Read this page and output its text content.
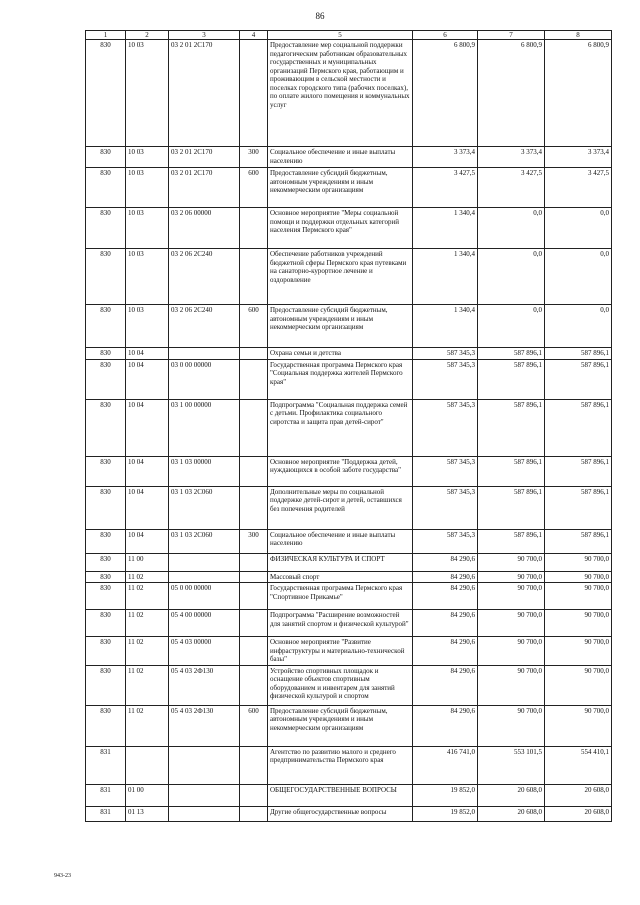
86
1	2	3	4	5	6	7	8
830	10 03	03 2 01 2С170		Предоставление мер социальной поддержки педагогическим работникам образовательных государственных и муниципальных организаций Пермского края, работающим и проживающим в сельской местности и поселках городского типа (рабочих поселках), по оплате жилого помещения и коммунальных услуг	6 800,9	6 800,9	6 800,9
830	10 03	03 2 01 2С170	300	Социальное обеспечение и иные выплаты населению	3 373,4	3 373,4	3 373,4
830	10 03	03 2 01 2С170	600	Предоставление субсидий бюджетным, автономным учреждениям и иным некоммерческим организациям	3 427,5	3 427,5	3 427,5
830	10 03	03 2 06 00000		Основное мероприятие "Меры социальной помощи и поддержки отдельных категорий населения Пермского края"	1 340,4	0,0	0,0
830	10 03	03 2 06 2С240		Обеспечение работников учреждений бюджетной сферы Пермского края путевками на санаторно-курортное лечение и оздоровление	1 340,4	0,0	0,0
830	10 03	03 2 06 2С240	600	Предоставление субсидий бюджетным, автономным учреждениям и иным некоммерческим организациям	1 340,4	0,0	0,0
830	10 04			Охрана семьи и детства	587 345,3	587 896,1	587 896,1
830	10 04	03 0 00 00000		Государственная программа Пермского края "Социальная поддержка жителей Пермского края"	587 345,3	587 896,1	587 896,1
830	10 04	03 1 00 00000		Подпрограмма "Социальная поддержка семей с детьми. Профилактика социального сиротства и защита прав детей-сирот"	587 345,3	587 896,1	587 896,1
830	10 04	03 1 03 00000		Основное мероприятие "Поддержка детей, нуждающихся в особой заботе государства"	587 345,3	587 896,1	587 896,1
830	10 04	03 1 03 2С060		Дополнительные меры по социальной поддержке детей-сирот и детей, оставшихся без попечения родителей	587 345,3	587 896,1	587 896,1
830	10 04	03 1 03 2С060	300	Социальное обеспечение и иные выплаты населению	587 345,3	587 896,1	587 896,1
830	11 00			ФИЗИЧЕСКАЯ КУЛЬТУРА И СПОРТ	84 290,6	90 700,0	90 700,0
830	11 02			Массовый спорт	84 290,6	90 700,0	90 700,0
830	11 02	05 0 00 00000		Государственная программа Пермского края "Спортивное Прикамье"	84 290,6	90 700,0	90 700,0
830	11 02	05 4 00 00000		Подпрограмма "Расширение возможностей для занятий спортом и физической культурой"	84 290,6	90 700,0	90 700,0
830	11 02	05 4 03 00000		Основное мероприятие "Развитие инфраструктуры и материально-технической базы"	84 290,6	90 700,0	90 700,0
830	11 02	05 4 03 2Ф130		Устройство спортивных площадок и оснащение объектов спортивным оборудованием и инвентарем для занятий физической культурой и спортом	84 290,6	90 700,0	90 700,0
830	11 02	05 4 03 2Ф130	600	Предоставление субсидий бюджетным, автономным учреждениям и иным некоммерческим организациям	84 290,6	90 700,0	90 700,0
831				Агентство по развитию малого и среднего предпринимательства Пермского края	416 741,0	553 101,5	554 410,1
831	01 00			ОБЩЕГОСУДАРСТВЕННЫЕ ВОПРОСЫ	19 852,0	20 608,0	20 608,0
831	01 13			Другие общегосударственные вопросы	19 852,0	20 608,0	20 608,0
943-23
